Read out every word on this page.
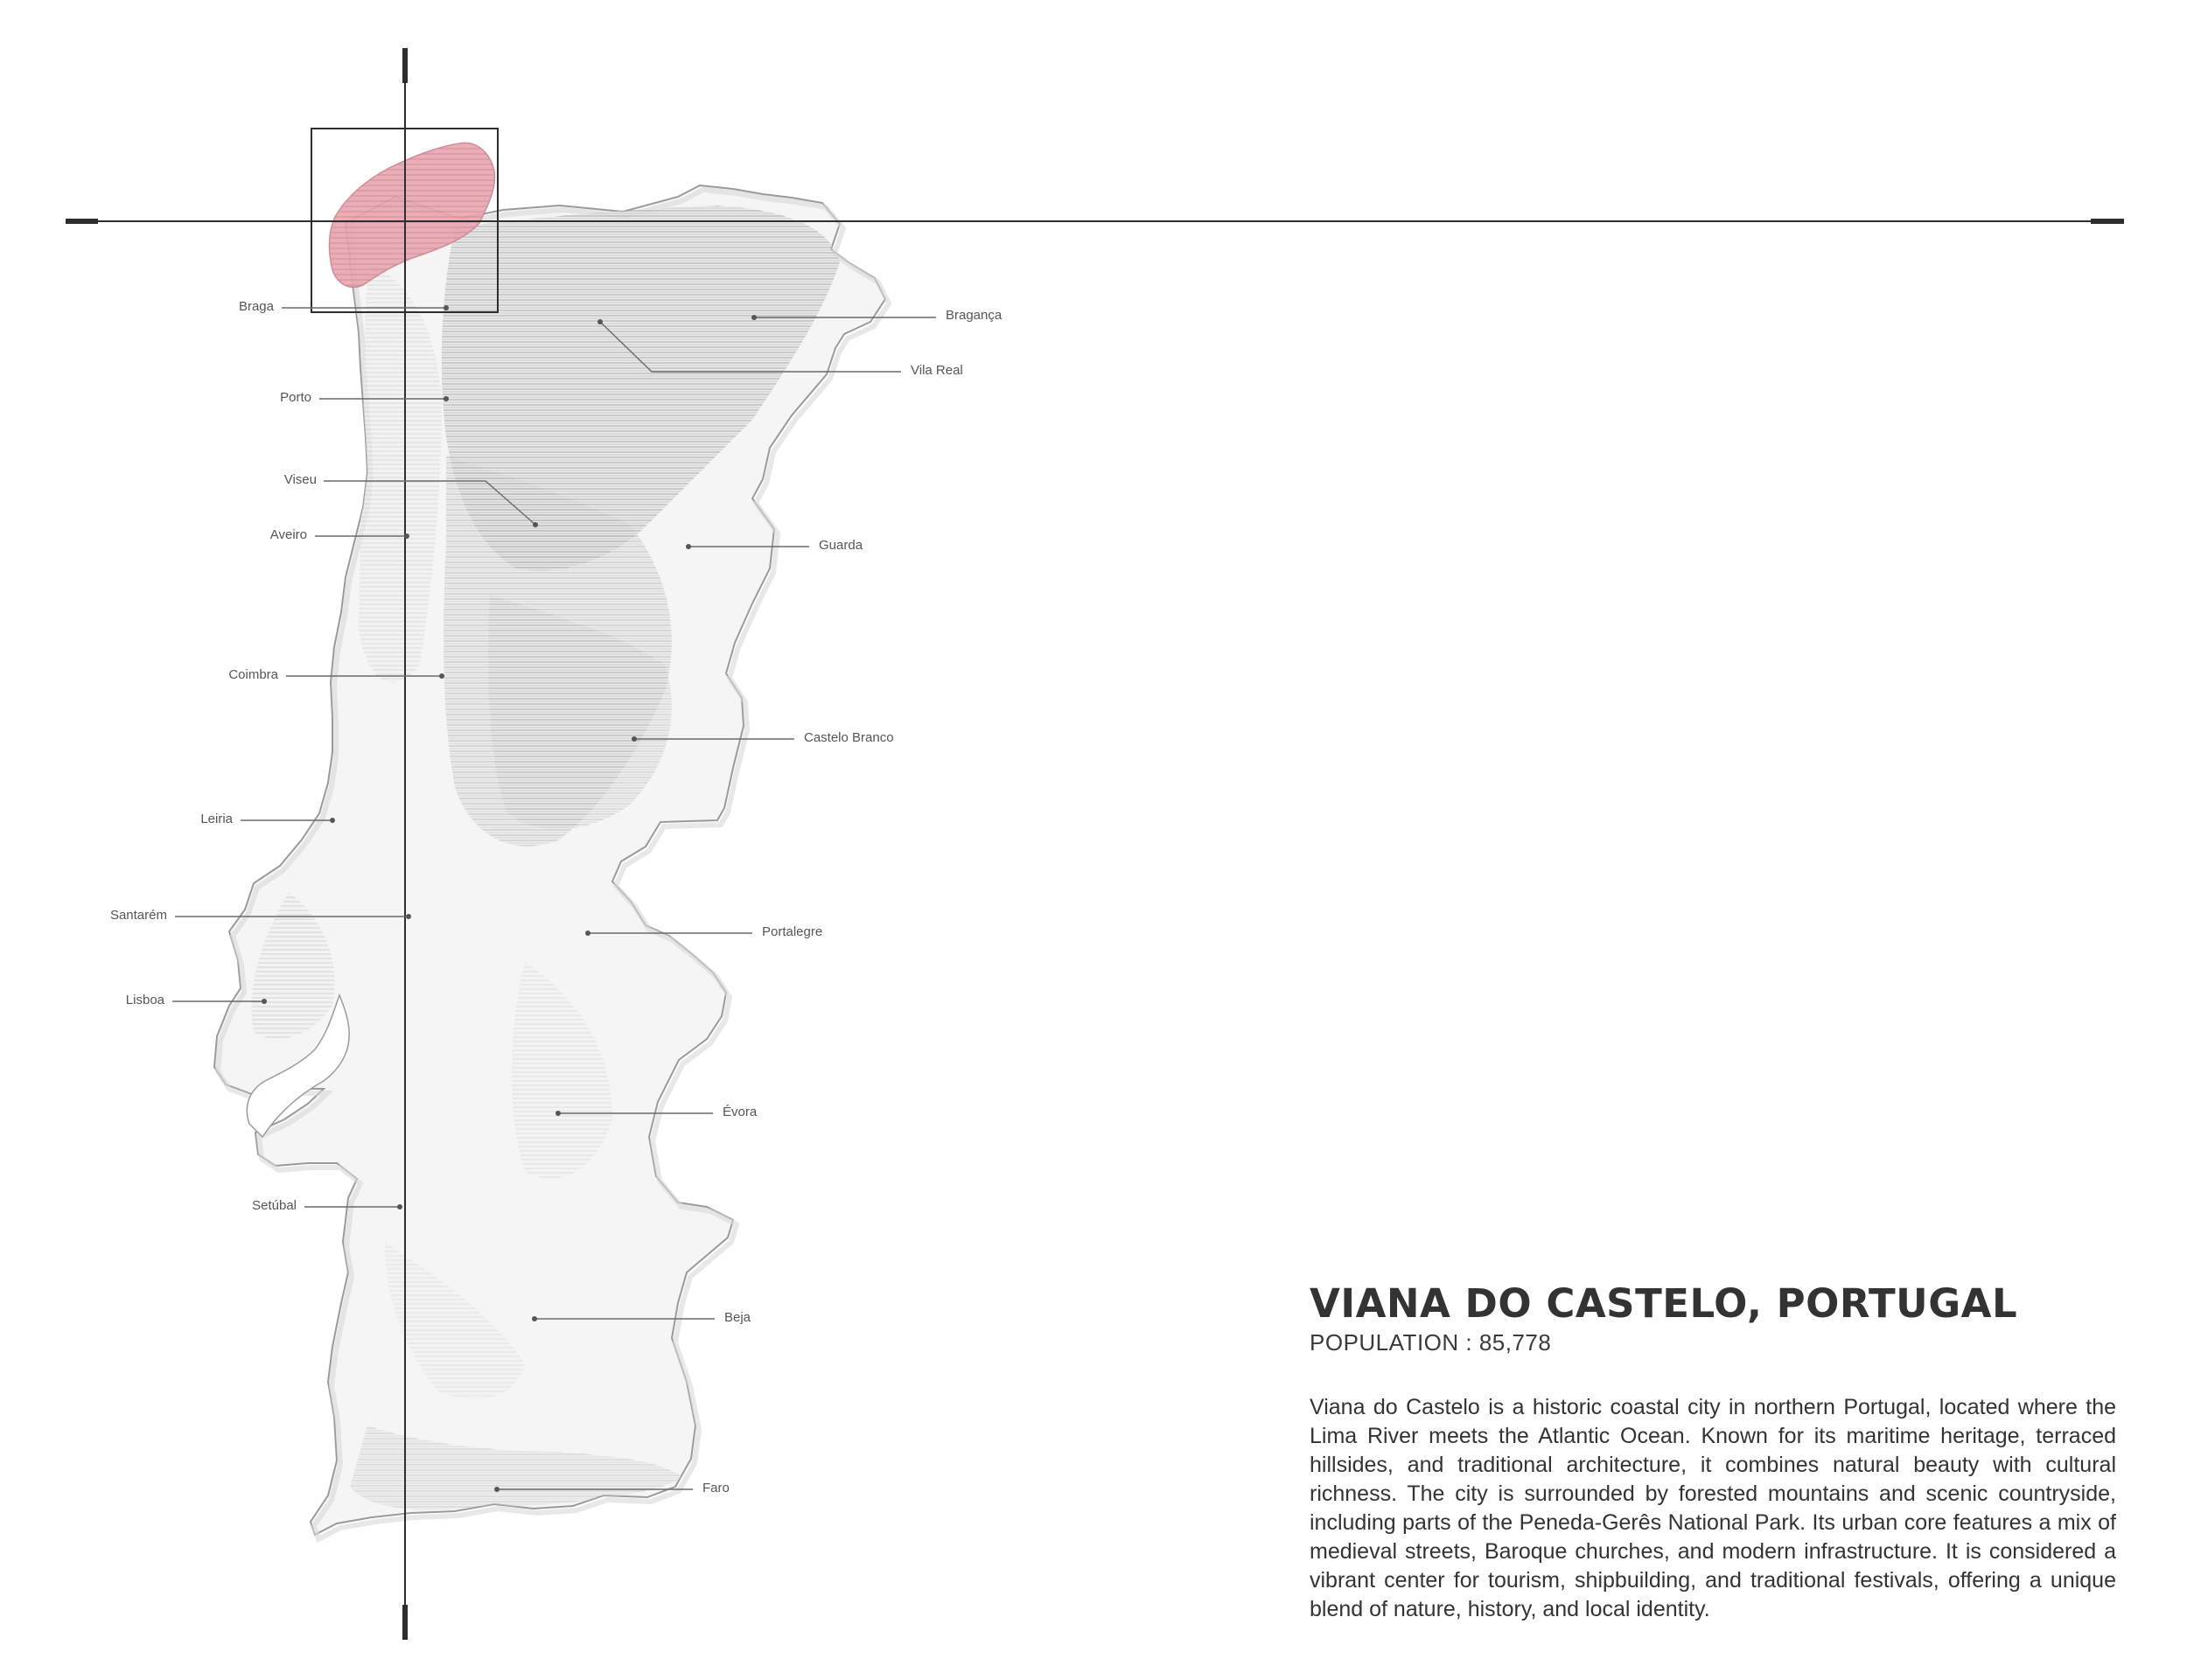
Braga
Bragança
Vila Real
Porto
Viseu
Aveiro
Guarda
Coimbra
Castelo Branco
Leiria
Santarém
Portalegre
Lisboa
Évora
Setúbal
Beja
Faro
VIANA DO CASTELO, PORTUGAL

POPULATION : 85,778

Viana do Castelo is a historic coastal city in northern Portugal, located where the Lima River meets the Atlantic Ocean. Known for its maritime heritage, terraced hillsides, and traditional architecture, it combines natural beauty with cultural richness. The city is surrounded by forested mountains and scenic countryside, including parts of the Peneda-Gerês National Park. Its urban core features a mix of medieval streets, Baroque churches, and modern infrastructure. It is considered a vibrant center for tourism, shipbuilding, and traditional festivals, offering a unique blend of nature, history, and local identity.
